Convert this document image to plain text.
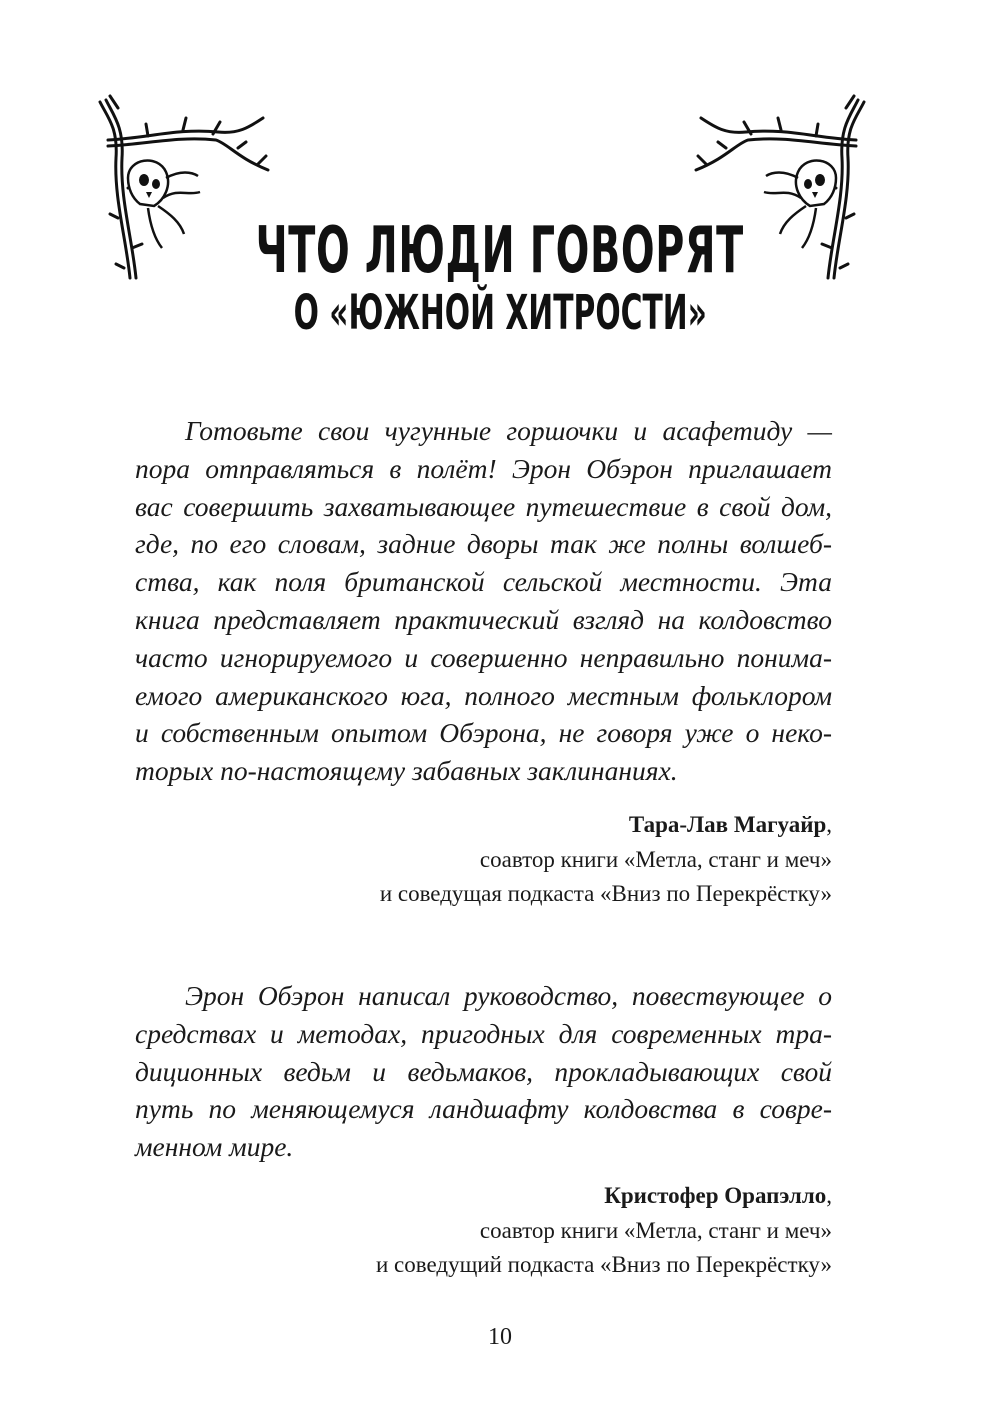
ЧТО ЛЮДИ ГОВОРЯТ
О «ЮЖНОЙ ХИТРОСТИ»
Готовьте свои чугунные горшочки и асафетиду —
пора отправляться в полёт! Эрон Обэрон приглашает
вас совершить захватывающее путешествие в свой дом,
где, по его словам, задние дворы так же полны волшеб-
ства, как поля британской сельской местности. Эта
книга представляет практический взгляд на колдовство
часто игнорируемого и совершенно неправильно понима-
емого американского юга, полного местным фольклором
и собственным опытом Обэрона, не говоря уже о неко-
торых по-настоящему забавных заклинаниях.
Тара-Лав Магуайр,
соавтор книги «Метла, станг и меч»
и соведущая подкаста «Вниз по Перекрёстку»
Эрон Обэрон написал руководство, повествующее о
средствах и методах, пригодных для современных тра-
диционных ведьм и ведьмаков, прокладывающих свой
путь по меняющемуся ландшафту колдовства в совре-
менном мире.
Кристофер Орапэлло,
соавтор книги «Метла, станг и меч»
и соведущий подкаста «Вниз по Перекрёстку»
10
